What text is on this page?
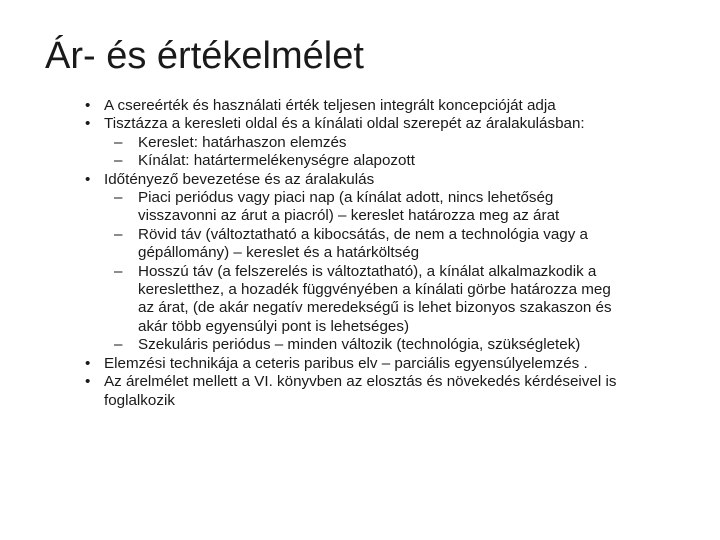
Ár- és értékelmélet
• A csereérték és használati érték teljesen integrált koncepcióját adja
• Tisztázza a keresleti oldal és a kínálati oldal szerepét az áralakulásban:
– Kereslet: határhaszon elemzés
– Kínálat: határtermelékenységre alapozott
• Időtényező bevezetése és az áralakulás
– Piaci periódus vagy piaci nap (a kínálat adott, nincs lehetőség
visszavonni az árut a piacról) – kereslet határozza meg az árat
– Rövid táv (változtatható a kibocsátás, de nem a technológia vagy a
gépállomány) – kereslet és a határköltség
– Hosszú táv (a felszerelés is változtatható), a kínálat alkalmazkodik a
keresletthez, a hozadék függvényében a kínálati görbe határozza meg
az árat, (de akár negatív meredekségű is lehet bizonyos szakaszon és
akár több egyensúlyi pont is lehetséges)
– Szekuláris periódus – minden változik (technológia, szükségletek)
• Elemzési technikája a ceteris paribus elv – parciális egyensúlyelemzés .
• Az árelmélet mellett a VI. könyvben az elosztás és növekedés kérdéseivel is
foglalkozik
